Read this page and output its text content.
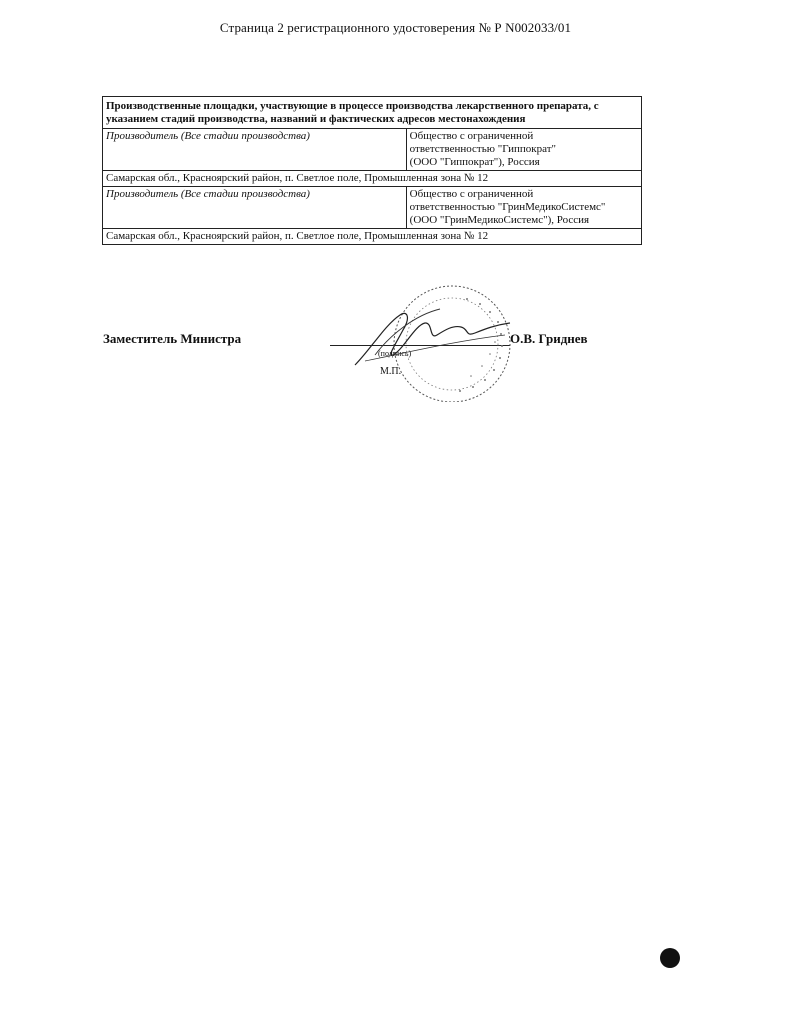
Страница 2 регистрационного удостоверения № Р N002033/01
Производственные площадки, участвующие в процессе производства лекарственного препарата, с указанием стадий производства, названий и фактических адресов местонахождения	
Производитель (Все стадии производства)	Общество с ограниченной
ответственностью "Гиппократ"
(ООО "Гиппократ"), Россия

Самарская обл., Красноярский район, п. Светлое поле, Промышленная зона № 12	
Производитель (Все стадии производства)	Общество с ограниченной
ответственностью "ГринМедикоСистемс"
(ООО "ГринМедикоСистемс"), Россия

Самарская обл., Красноярский район, п. Светлое поле, Промышленная зона № 12	
Заместитель Министра
(подпись)
М.П.
О.В. Гриднев
